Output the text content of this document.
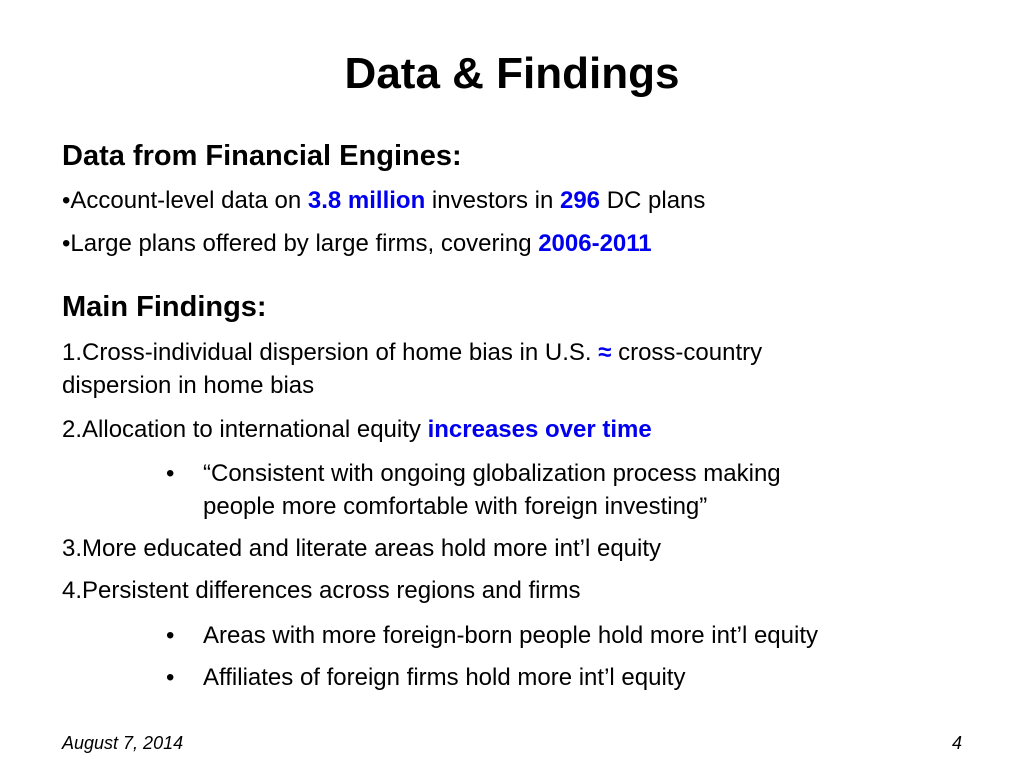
Data & Findings

Data from Financial Engines:

•Account-level data on 3.8 million investors in 296 DC plans

•Large plans offered by large firms, covering 2006-2011

Main Findings:

1.Cross-individual dispersion of home bias in U.S. ≈ cross-country

dispersion in home bias

2.Allocation to international equity increases over time

• “Consistent with ongoing globalization process making
people more comfortable with foreign investing”

3.More educated and literate areas hold more int’l equity

4.Persistent differences across regions and firms

• Areas with more foreign-born people hold more int’l equity
• Affiliates of foreign firms hold more int’l equity
August 7, 2014	4
